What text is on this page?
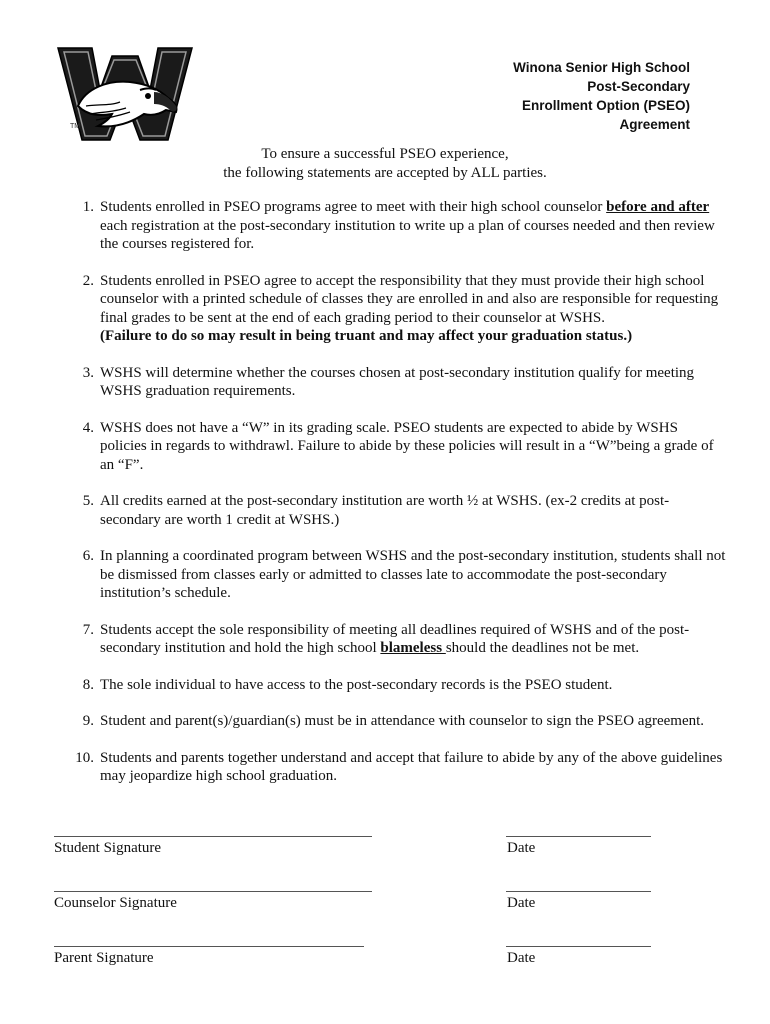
TM
Winona Senior High School
Post-Secondary
Enrollment Option (PSEO)
Agreement
To ensure a successful PSEO experience,
the following statements are accepted by ALL parties.
1. Students enrolled in PSEO programs agree to meet with their high school counselor before and after each registration at the post-secondary institution to write up a plan of courses needed and then review the courses registered for.
2. Students enrolled in PSEO agree to accept the responsibility that they must provide their high school counselor with a printed schedule of classes they are enrolled in and also are responsible for requesting final grades to be sent at the end of each grading period to their counselor at WSHS.
(Failure to do so may result in being truant and may affect your graduation status.)
3. WSHS will determine whether the courses chosen at post-secondary institution qualify for meeting WSHS graduation requirements.
4. WSHS does not have a “W” in its grading scale. PSEO students are expected to abide by WSHS policies in regards to withdrawl. Failure to abide by these policies will result in a “W”being a grade of an “F”.
5. All credits earned at the post-secondary institution are worth ½ at WSHS. (ex-2 credits at post-secondary are worth 1 credit at WSHS.)
6. In planning a coordinated program between WSHS and the post-secondary institution, students shall not be dismissed from classes early or admitted to classes late to accommodate the post-secondary institution’s schedule.
7. Students accept the sole responsibility of meeting all deadlines required of WSHS and of the post-secondary institution and hold the high school blameless should the deadlines not be met.
8. The sole individual to have access to the post-secondary records is the PSEO student.
9. Student and parent(s)/guardian(s) must be in attendance with counselor to sign the PSEO agreement.
10. Students and parents together understand and accept that failure to abide by any of the above guidelines may jeopardize high school graduation.
Student Signature	Date
Counselor Signature	Date
Parent Signature	Date
